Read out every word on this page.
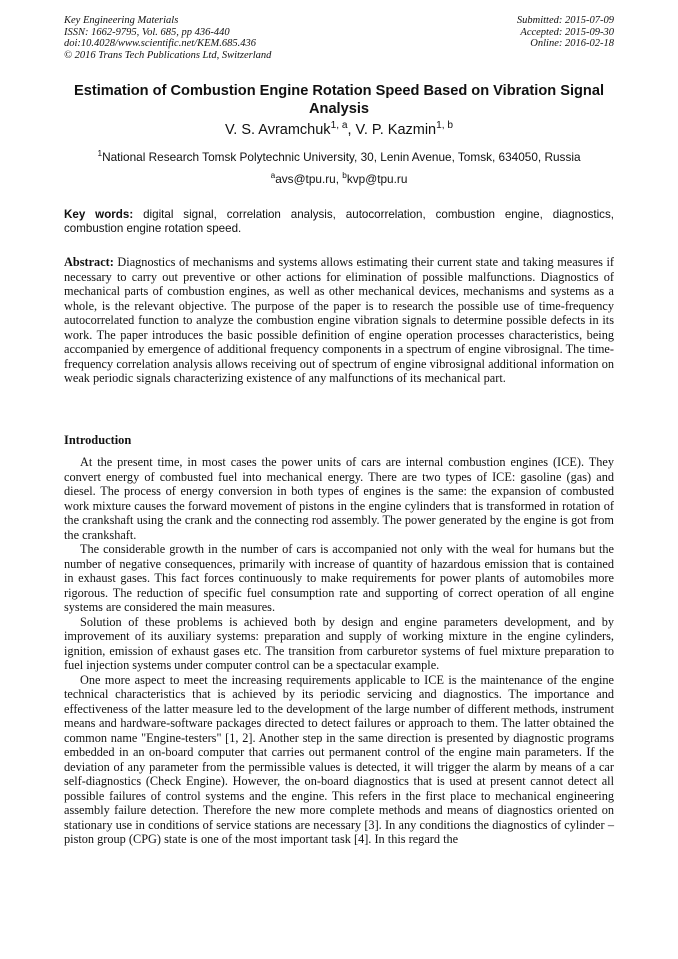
Key Engineering Materials
ISSN: 1662-9795, Vol. 685, pp 436-440
doi:10.4028/www.scientific.net/KEM.685.436
© 2016 Trans Tech Publications Ltd, Switzerland
Submitted: 2015-07-09
Accepted: 2015-09-30
Online: 2016-02-18
Estimation of Combustion Engine Rotation Speed Based on Vibration Signal Analysis
V. S. Avramchuk$^{1, a}$, V. P. Kazmin$^{1, b}$
$^1$National Research Tomsk Polytechnic University, 30, Lenin Avenue, Tomsk, 634050, Russia
$^a$avs@tpu.ru, $^b$kvp@tpu.ru
Key words: digital signal, correlation analysis, autocorrelation, combustion engine, diagnostics, combustion engine rotation speed.
Abstract: Diagnostics of mechanisms and systems allows estimating their current state and taking measures if necessary to carry out preventive or other actions for elimination of possible malfunctions. Diagnostics of mechanical parts of combustion engines, as well as other mechanical devices, mechanisms and systems as a whole, is the relevant objective. The purpose of the paper is to research the possible use of time-frequency autocorrelated function to analyze the combustion engine vibration signals to determine possible defects in its work. The paper introduces the basic possible definition of engine operation processes characteristics, being accompanied by emergence of additional frequency components in a spectrum of engine vibrosignal. The time-frequency correlation analysis allows receiving out of spectrum of engine vibrosignal additional information on weak periodic signals characterizing existence of any malfunctions of its mechanical part.
Introduction

At the present time, in most cases the power units of cars are internal combustion engines (ICE). They convert energy of combusted fuel into mechanical energy. There are two types of ICE: gasoline (gas) and diesel. The process of energy conversion in both types of engines is the same: the expansion of combusted work mixture causes the forward movement of pistons in the engine cylinders that is transformed in rotation of the crankshaft using the crank and the connecting rod assembly. The power generated by the engine is got from the crankshaft.

The considerable growth in the number of cars is accompanied not only with the weal for humans but the number of negative consequences, primarily with increase of quantity of hazardous emission that is contained in exhaust gases. This fact forces continuously to make requirements for power plants of automobiles more rigorous. The reduction of specific fuel consumption rate and supporting of correct operation of all engine systems are considered the main measures.

Solution of these problems is achieved both by design and engine parameters development, and by improvement of its auxiliary systems: preparation and supply of working mixture in the engine cylinders, ignition, emission of exhaust gases etc. The transition from carburetor systems of fuel mixture preparation to fuel injection systems under computer control can be a spectacular example.

One more aspect to meet the increasing requirements applicable to ICE is the maintenance of the engine technical characteristics that is achieved by its periodic servicing and diagnostics. The importance and effectiveness of the latter measure led to the development of the large number of different methods, instrument means and hardware-software packages directed to detect failures or approach to them. The latter obtained the common name "Engine-testers" [1, 2]. Another step in the same direction is presented by diagnostic programs embedded in an on-board computer that carries out permanent control of the engine main parameters. If the deviation of any parameter from the permissible values is detected, it will trigger the alarm by means of a car self-diagnostics (Check Engine). However, the on-board diagnostics that is used at present cannot detect all possible failures of control systems and the engine. This refers in the first place to mechanical engineering assembly failure detection. Therefore the new more complete methods and means of diagnostics oriented on stationary use in conditions of service stations are necessary [3]. In any conditions the diagnostics of cylinder – piston group (CPG) state is one of the most important task [4]. In this regard the
